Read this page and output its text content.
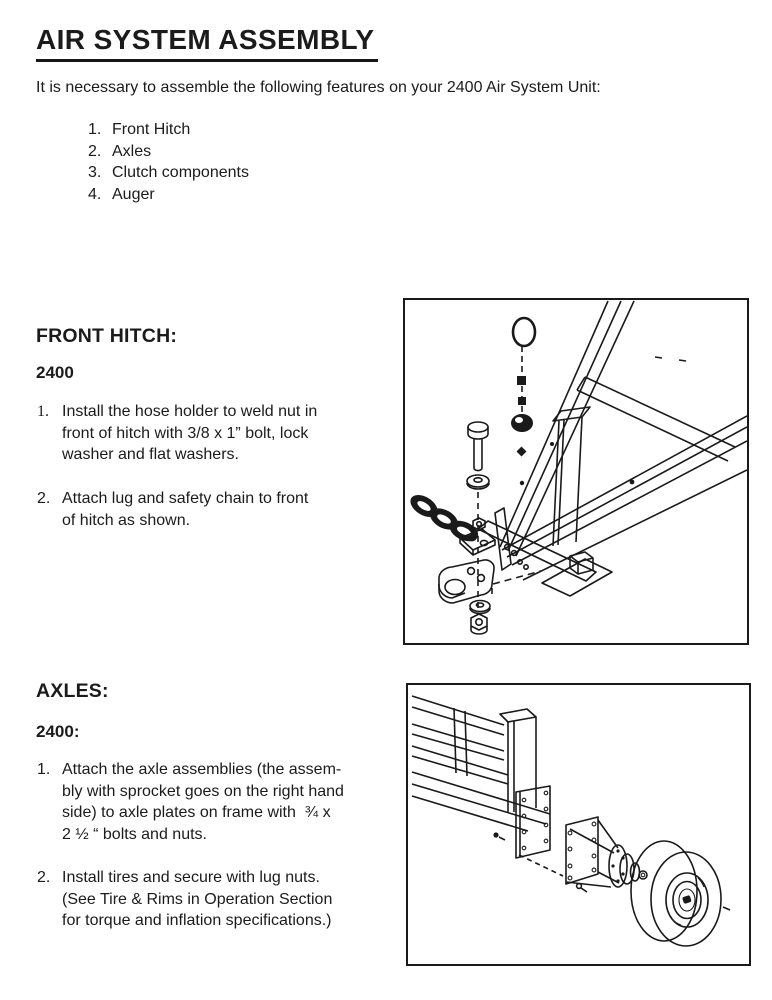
AIR SYSTEM ASSEMBLY
It is necessary to assemble the following features on your 2400 Air System Unit:
1. Front Hitch
2. Axles
3. Clutch components
4. Auger
FRONT HITCH:
2400
1. Install the hose holder to weld nut in
front of hitch with 3/8 x 1” bolt, lock
washer and flat washers.
2. Attach lug and safety chain to front
of hitch as shown.
AXLES:
2400:
1. Attach the axle assemblies (the assem-
bly with sprocket goes on the right hand
side) to axle plates on frame with  ¾ x
2 ½ “ bolts and nuts.
2. Install tires and secure with lug nuts.
(See Tire & Rims in Operation Section
for torque and inflation specifications.)
